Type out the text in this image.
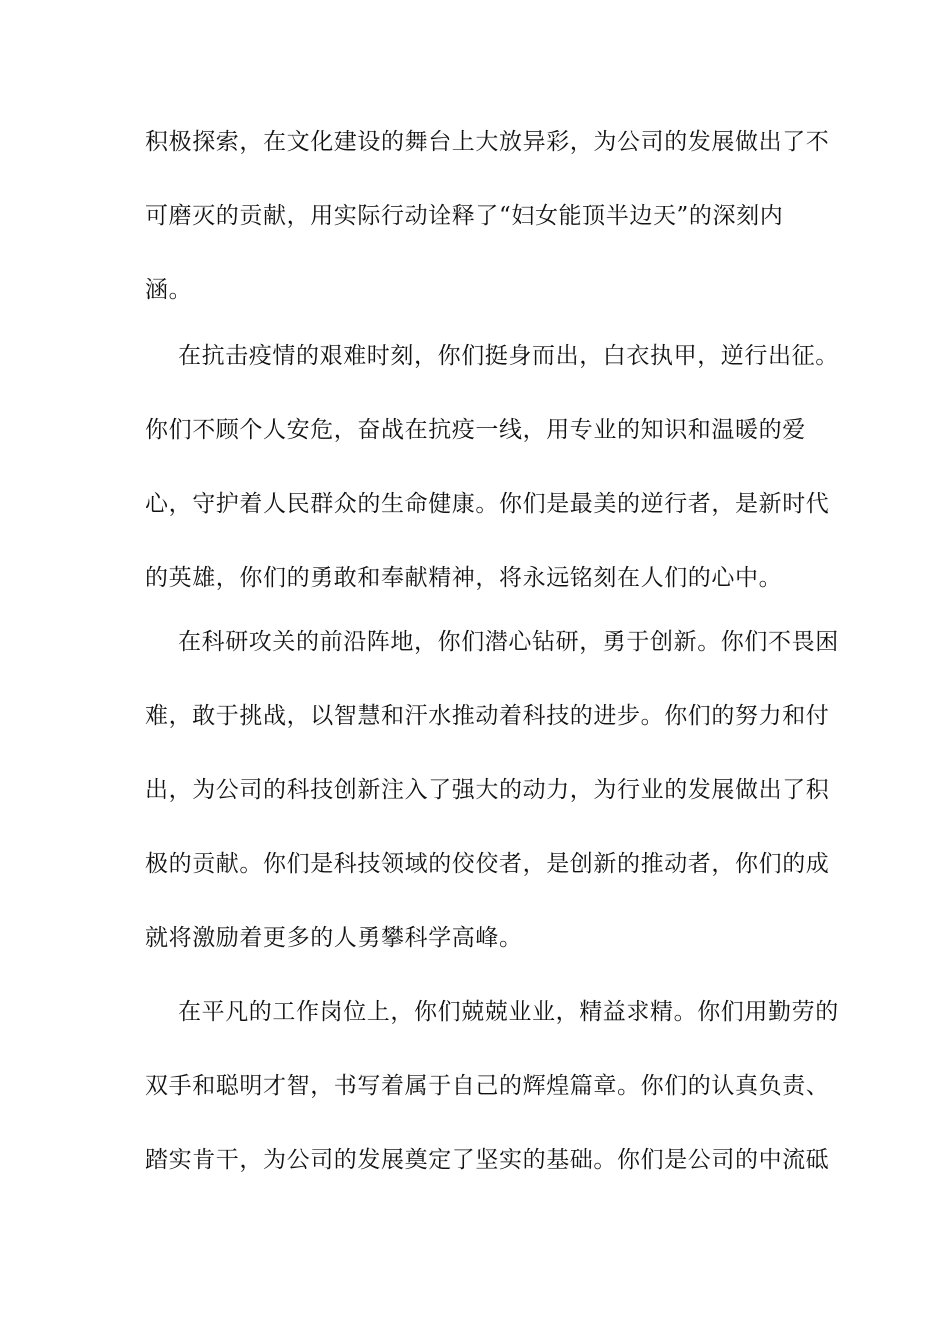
积极探索，在文化建设的舞台上大放异彩，为公司的发展做出了不
可磨灭的贡献，用实际行动诠释了“妇女能顶半边天”的深刻内
涵。
在抗击疫情的艰难时刻，你们挺身而出，白衣执甲，逆行出征。
你们不顾个人安危，奋战在抗疫一线，用专业的知识和温暖的爱
心，守护着人民群众的生命健康。你们是最美的逆行者，是新时代
的英雄，你们的勇敢和奉献精神，将永远铭刻在人们的心中。
在科研攻关的前沿阵地，你们潜心钻研，勇于创新。你们不畏困
难，敢于挑战，以智慧和汗水推动着科技的进步。你们的努力和付
出，为公司的科技创新注入了强大的动力，为行业的发展做出了积
极的贡献。你们是科技领域的佼佼者，是创新的推动者，你们的成
就将激励着更多的人勇攀科学高峰。
在平凡的工作岗位上，你们兢兢业业，精益求精。你们用勤劳的
双手和聪明才智，书写着属于自己的辉煌篇章。你们的认真负责、
踏实肯干，为公司的发展奠定了坚实的基础。你们是公司的中流砥
